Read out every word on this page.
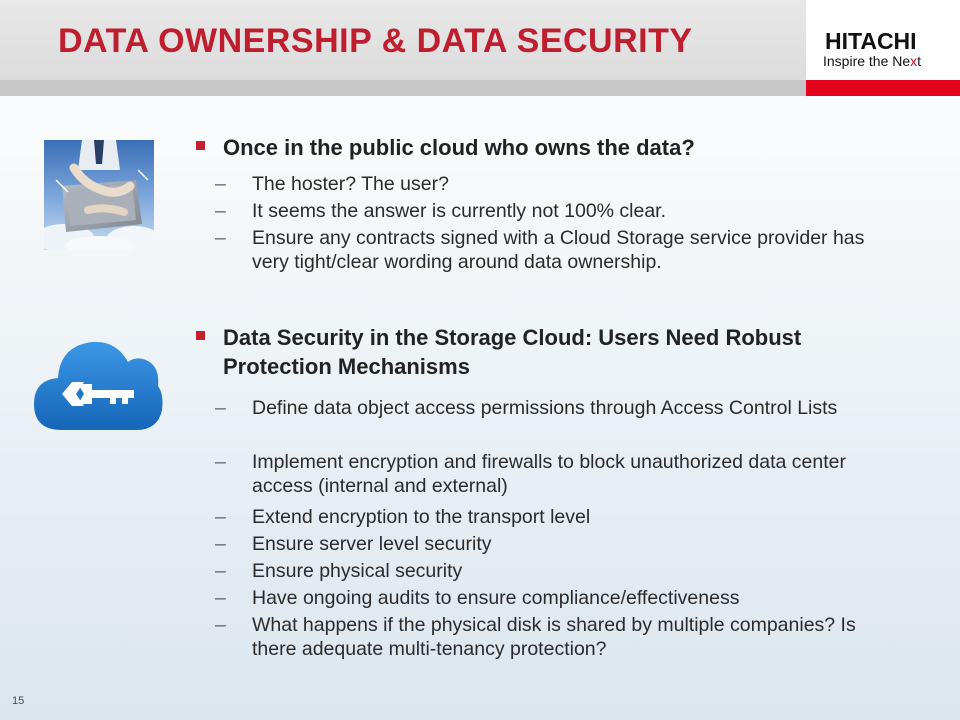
DATA OWNERSHIP & DATA SECURITY	HITACHI
Inspire the Next
Once in the public cloud who owns the data?
– The hoster? The user?
– It seems the answer is currently not 100% clear.
– Ensure any contracts signed with a Cloud Storage service provider has very tight/clear wording around data ownership.
Data Security in the Storage Cloud: Users Need Robust Protection Mechanisms
– Define data object access permissions through Access Control Lists
– Implement encryption and firewalls to block unauthorized data center access (internal and external)
– Extend encryption to the transport level
– Ensure server level security
– Ensure physical security
– Have ongoing audits to ensure compliance/effectiveness
– What happens if the physical disk is shared by multiple companies? Is there adequate multi-tenancy protection?
15
